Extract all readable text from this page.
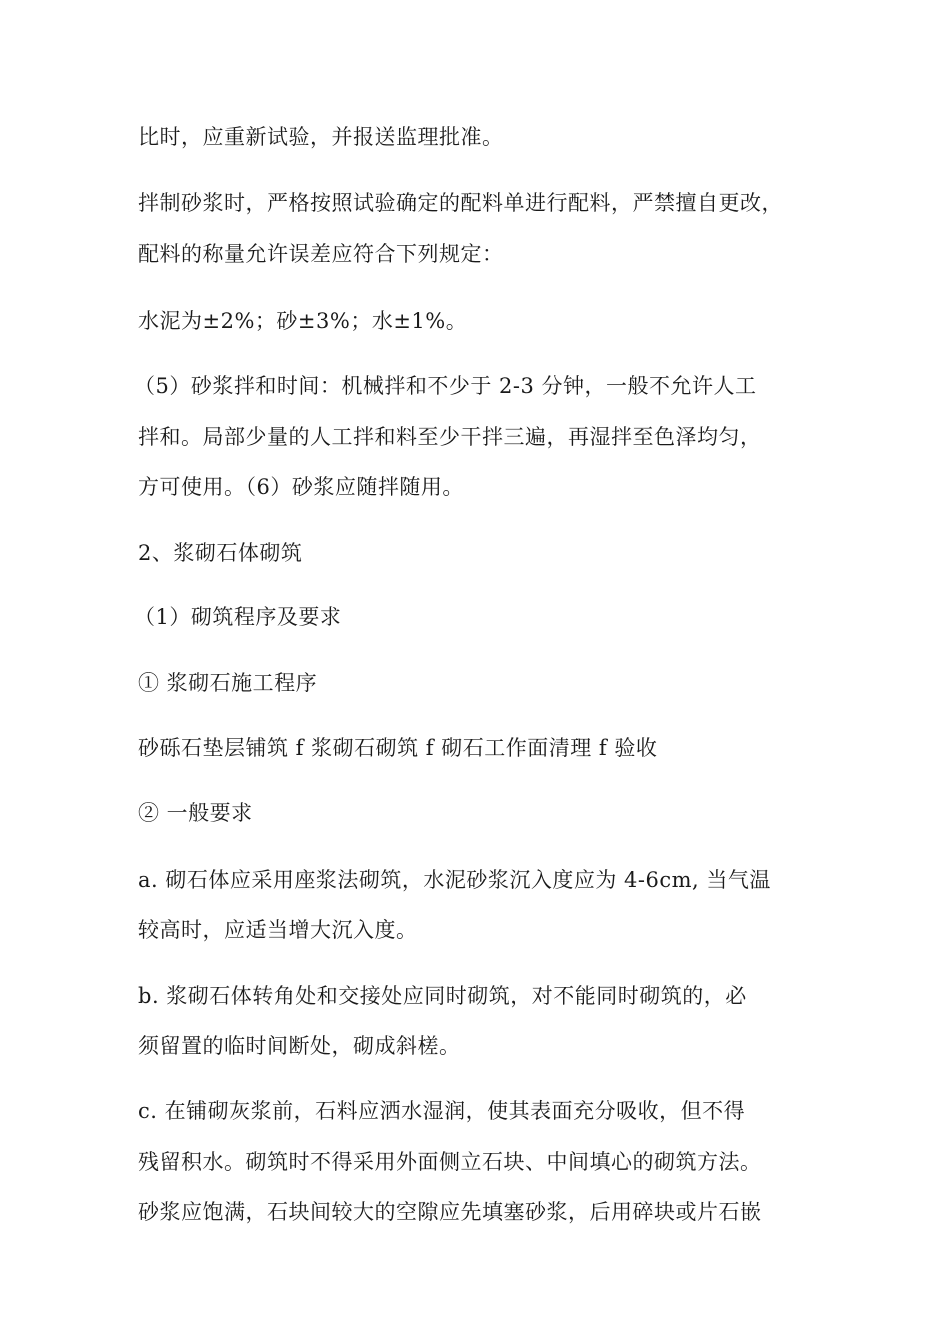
比时，应重新试验，并报送监理批准。
拌制砂浆时，严格按照试验确定的配料单进行配料，严禁擅自更改，
配料的称量允许误差应符合下列规定：
水泥为±2%；砂±3%；水±1%。
（5）砂浆拌和时间：机械拌和不少于 2-3 分钟，一般不允许人工
拌和。局部少量的人工拌和料至少干拌三遍，再湿拌至色泽均匀，
方可使用。（6）砂浆应随拌随用。
2、浆砌石体砌筑
（1）砌筑程序及要求
① 浆砌石施工程序
砂砾石垫层铺筑 f 浆砌石砌筑 f 砌石工作面清理 f 验收
② 一般要求
a. 砌石体应采用座浆法砌筑，水泥砂浆沉入度应为 4-6cm, 当气温
较高时，应适当增大沉入度。
b. 浆砌石体转角处和交接处应同时砌筑，对不能同时砌筑的，必
须留置的临时间断处，砌成斜槎。
c. 在铺砌灰浆前，石料应洒水湿润，使其表面充分吸收，但不得
残留积水。砌筑时不得采用外面侧立石块、中间填心的砌筑方法。
砂浆应饱满，石块间较大的空隙应先填塞砂浆，后用碎块或片石嵌
